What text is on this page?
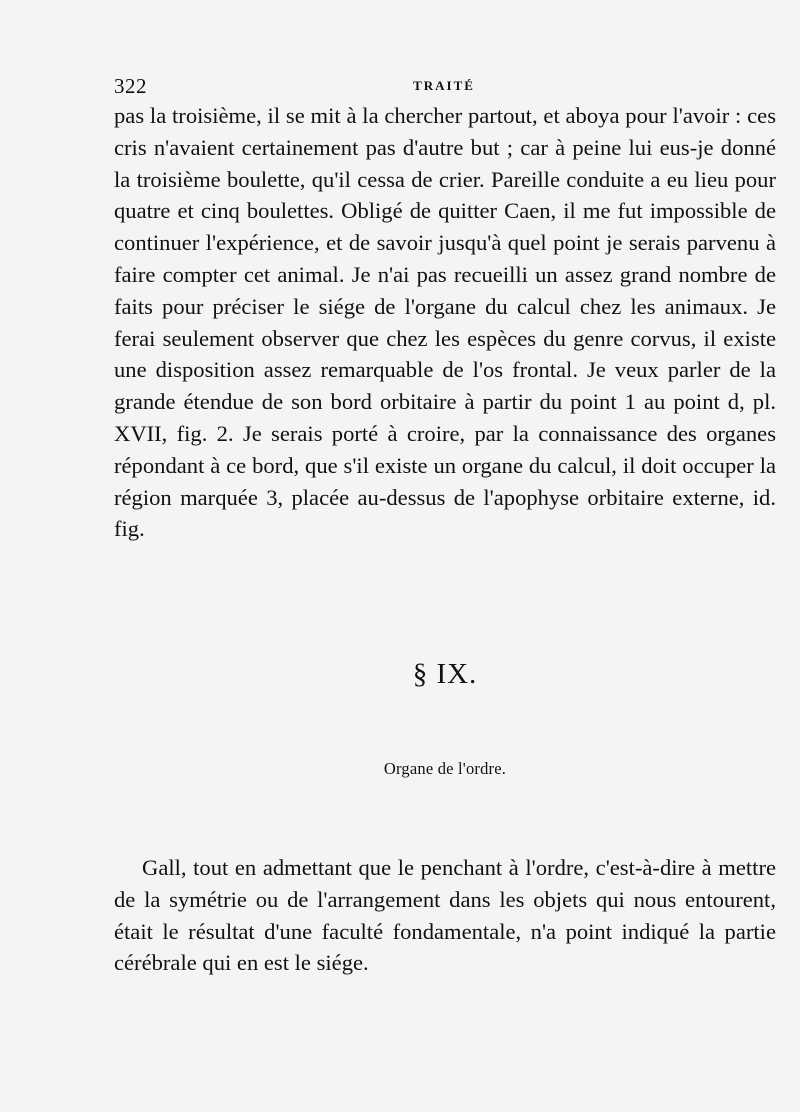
322	TRAITÉ

pas la troisième, il se mit à la chercher partout, et aboya pour l'avoir : ces cris n'avaient certainement pas d'autre but ; car à peine lui eus-je donné la troisième boulette, qu'il cessa de crier. Pareille conduite a eu lieu pour quatre et cinq boulettes. Obligé de quitter Caen, il me fut impossible de continuer l'expérience, et de savoir jusqu'à quel point je serais parvenu à faire compter cet animal. Je n'ai pas recueilli un assez grand nombre de faits pour préciser le siége de l'organe du calcul chez les animaux. Je ferai seulement observer que chez les espèces du genre corvus, il existe une disposition assez remarquable de l'os frontal. Je veux parler de la grande étendue de son bord orbitaire à partir du point 1 au point d, pl. XVII, fig. 2. Je serais porté à croire, par la connaissance des organes répondant à ce bord, que s'il existe un organe du calcul, il doit occuper la région marquée 3, placée au-dessus de l'apophyse orbitaire externe, id. fig.

§ IX.
Organe de l'ordre.

Gall, tout en admettant que le penchant à l'ordre, c'est-à-dire à mettre de la symétrie ou de l'arrangement dans les objets qui nous entourent, était le résultat d'une faculté fondamentale, n'a point indiqué la partie cérébrale qui en est le siége.
